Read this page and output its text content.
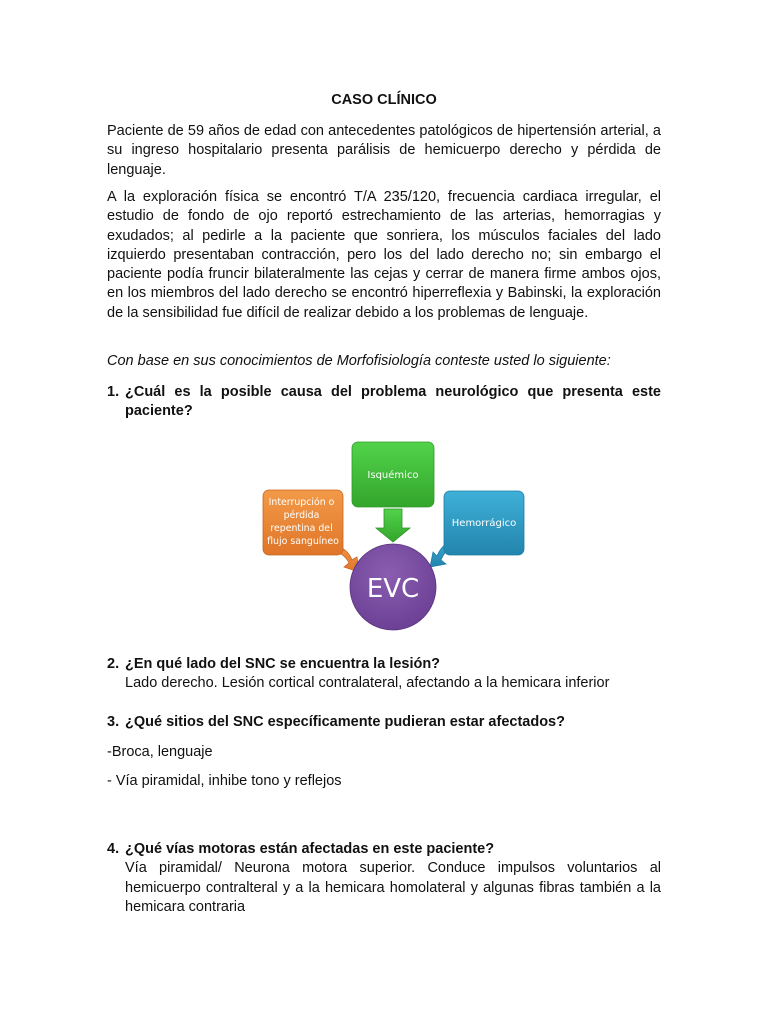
CASO CLÍNICO

Paciente de 59 años de edad con antecedentes patológicos de hipertensión arterial, a su ingreso hospitalario presenta parálisis de hemicuerpo derecho y pérdida de lenguaje.

A la exploración física se encontró T/A 235/120, frecuencia cardiaca irregular, el estudio de fondo de ojo reportó estrechamiento de las arterias, hemorragias y exudados; al pedirle a la paciente que sonriera, los músculos faciales del lado izquierdo presentaban contracción, pero los del lado derecho no; sin embargo el paciente podía fruncir bilateralmente las cejas y cerrar de manera firme ambos ojos, en los miembros del lado derecho se encontró hiperreflexia y Babinski, la exploración de la sensibilidad fue difícil de realizar debido a los problemas de lenguaje.

Con base en sus conocimientos de Morfofisiología conteste usted lo siguiente:

1. ¿Cuál es la posible causa del problema neurológico que presenta este paciente?
Isquémico
Hemorrágico
Interrupción o pérdida repentina del flujo sanguíneo
EVC
2. ¿En qué lado del SNC se encuentra la lesión?
Lado derecho. Lesión cortical contralateral, afectando a la hemicara inferior
3. ¿Qué sitios del SNC específicamente pudieran estar afectados?
-Broca, lenguaje
- Vía piramidal, inhibe tono y reflejos
4. ¿Qué vías motoras están afectadas en este paciente?
Vía piramidal/ Neurona motora superior. Conduce impulsos voluntarios al hemicuerpo contralteral y a la hemicara homolateral y algunas fibras también a la hemicara contraria
